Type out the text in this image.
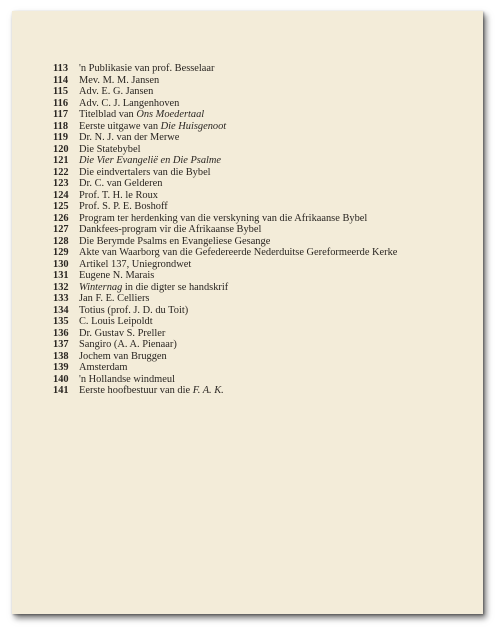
113	'n Publikasie van prof. Besselaar
114	Mev. M. M. Jansen
115	Adv. E. G. Jansen
116	Adv. C. J. Langenhoven
117	Titelblad van Ons Moedertaal
118	Eerste uitgawe van Die Huisgenoot
119	Dr. N. J. van der Merwe
120	Die Statebybel
121	Die Vier Evangelië en Die Psalme
122	Die eindvertalers van die Bybel
123	Dr. C. van Gelderen
124	Prof. T. H. le Roux
125	Prof. S. P. E. Boshoff
126	Program ter herdenking van die verskyning van die Afrikaanse Bybel
127	Dankfees-program vir die Afrikaanse Bybel
128	Die Berymde Psalms en Evangeliese Gesange
129	Akte van Waarborg van die Gefedereerde Nederduitse Gereformeerde Kerke
130	Artikel 137, Uniegrondwet
131	Eugene N. Marais
132	Winternag in die digter se handskrif
133	Jan F. E. Celliers
134	Totius (prof. J. D. du Toit)
135	C. Louis Leipoldt
136	Dr. Gustav S. Preller
137	Sangiro (A. A. Pienaar)
138	Jochem van Bruggen
139	Amsterdam
140	'n Hollandse windmeul
141	Eerste hoofbestuur van die F. A. K.
